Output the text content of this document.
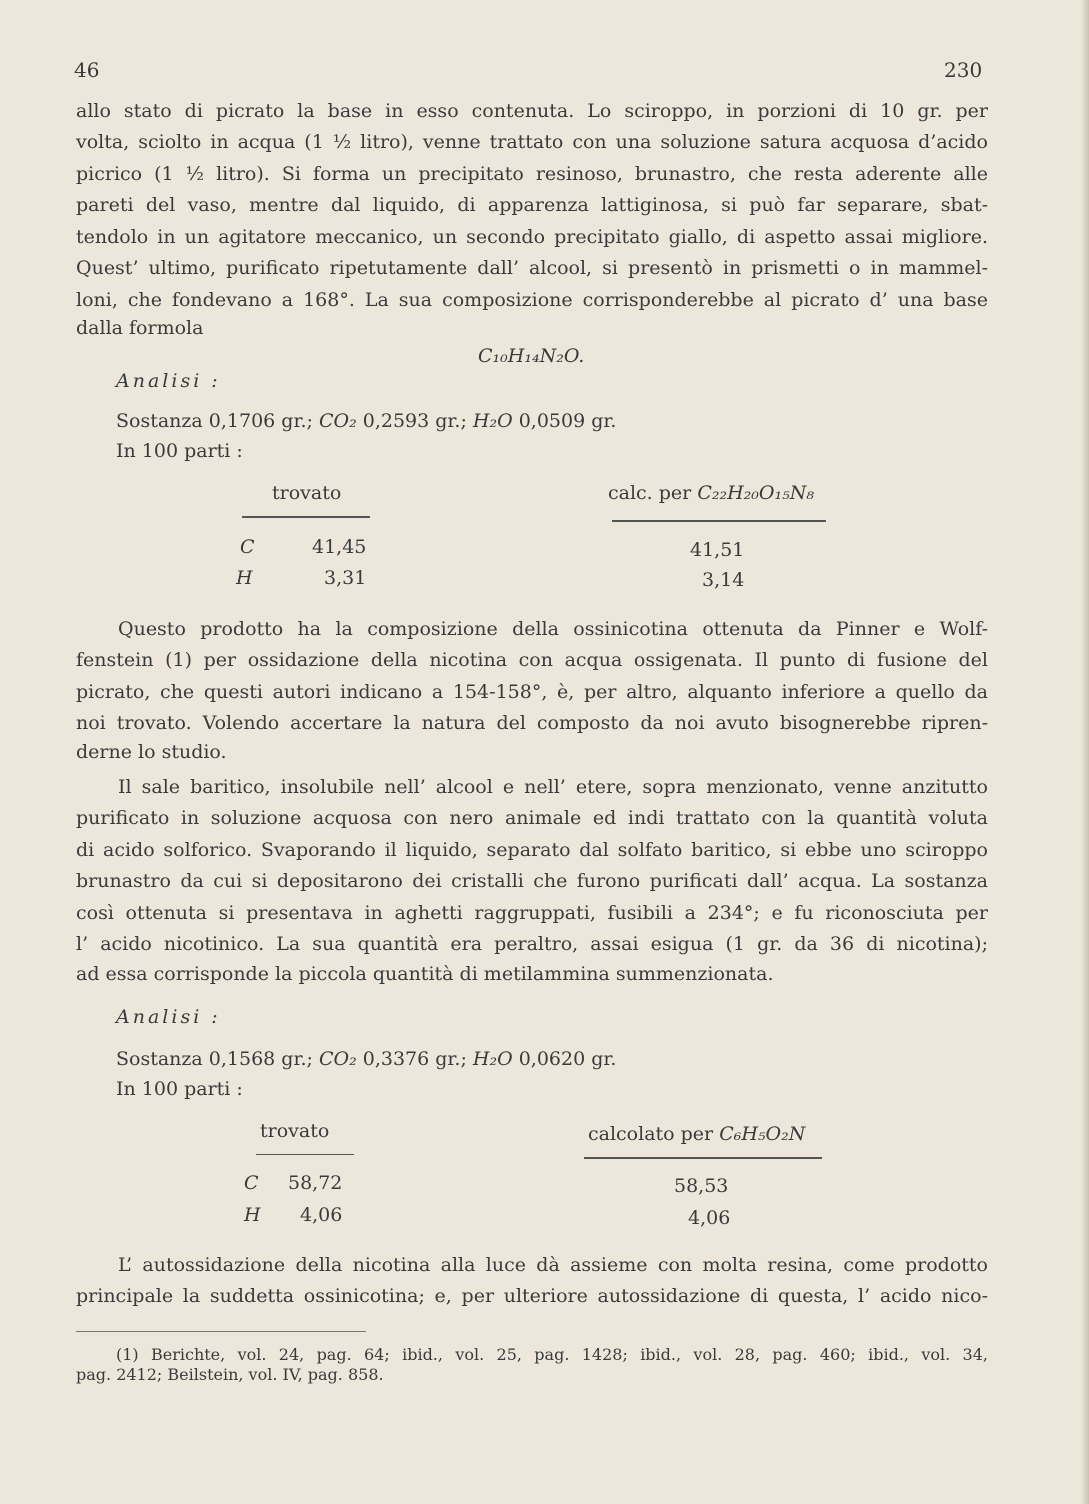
46	230
allo stato di picrato la base in esso contenuta. Lo sciroppo, in porzioni di 10 gr. per
volta, sciolto in acqua (1 ½ litro), venne trattato con una soluzione satura acquosa d’acido
picrico (1 ½ litro). Si forma un precipitato resinoso, brunastro, che resta aderente alle
pareti del vaso, mentre dal liquido, di apparenza lattiginosa, si può far separare, sbat-
tendolo in un agitatore meccanico, un secondo precipitato giallo, di aspetto assai migliore.
Quest’ ultimo, purificato ripetutamente dall’ alcool, si presentò in prismetti o in mammel-
loni, che fondevano a 168°. La sua composizione corrisponderebbe al picrato d’ una base
dalla formola
C₁₀H₁₄N₂O.
Analisi :
Sostanza 0,1706 gr.; CO₂ 0,2593 gr.; H₂O 0,0509 gr.
In 100 parti :
trovato	calc. per C₂₂H₂₀O₁₅N₈
C	41,45	41,51
H	3,31	3,14
Questo prodotto ha la composizione della ossinicotina ottenuta da Pinner e Wolf-
fenstein (1) per ossidazione della nicotina con acqua ossigenata. Il punto di fusione del
picrato, che questi autori indicano a 154-158°, è, per altro, alquanto inferiore a quello da
noi trovato. Volendo accertare la natura del composto da noi avuto bisognerebbe ripren-
derne lo studio.
Il sale baritico, insolubile nell’ alcool e nell’ etere, sopra menzionato, venne anzitutto
purificato in soluzione acquosa con nero animale ed indi trattato con la quantità voluta
di acido solforico. Svaporando il liquido, separato dal solfato baritico, si ebbe uno sciroppo
brunastro da cui si depositarono dei cristalli che furono purificati dall’ acqua. La sostanza
così ottenuta si presentava in aghetti raggruppati, fusibili a 234°; e fu riconosciuta per
l’ acido nicotinico. La sua quantità era peraltro, assai esigua (1 gr. da 36 di nicotina);
ad essa corrisponde la piccola quantità di metilammina summenzionata.
Analisi :
Sostanza 0,1568 gr.; CO₂ 0,3376 gr.; H₂O 0,0620 gr.
In 100 parti :
trovato	calcolato per C₆H₅O₂N
C 58,72	58,53
H 4,06	4,06
L’ autossidazione della nicotina alla luce dà assieme con molta resina, come prodotto
principale la suddetta ossinicotina; e, per ulteriore autossidazione di questa, l’ acido nico-
(1) Berichte, vol. 24, pag. 64; ibid., vol. 25, pag. 1428; ibid., vol. 28, pag. 460; ibid., vol. 34,
pag. 2412; Beilstein, vol. IV, pag. 858.
